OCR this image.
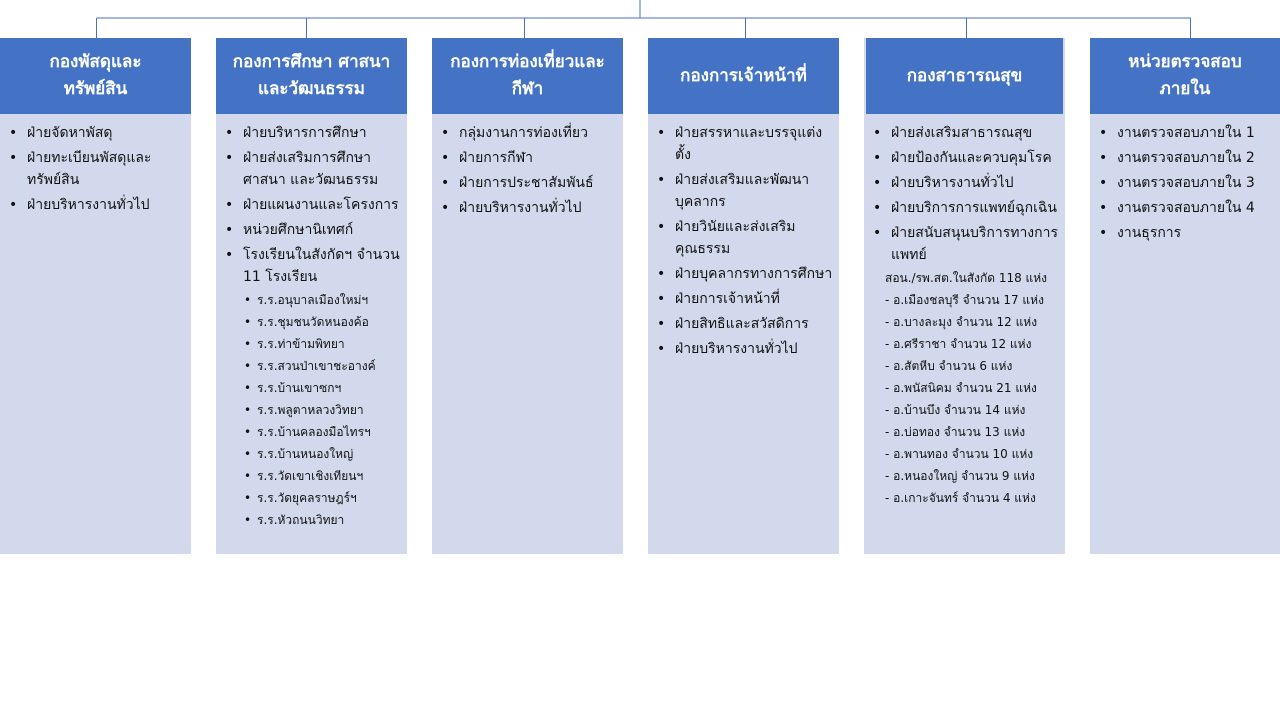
กองพัสดุและ
ทรัพย์สิน
• ฝ่ายจัดหาพัสดุ
• ฝ่ายทะเบียนพัสดุและทรัพย์สิน
• ฝ่ายบริหารงานทั่วไป
กองการศึกษา ศาสนา
และวัฒนธรรม
• ฝ่ายบริหารการศึกษา
• ฝ่ายส่งเสริมการศึกษา ศาสนา และวัฒนธรรม
• ฝ่ายแผนงานและโครงการ
• หน่วยศึกษานิเทศก์
• โรงเรียนในสังกัดฯ จำนวน 11 โรงเรียน
• ร.ร.อนุบาลเมืองใหม่ฯ
• ร.ร.ชุมชนวัดหนองค้อ
• ร.ร.ท่าข้ามพิทยา
• ร.ร.สวนป่าเขาชะอางค์
• ร.ร.บ้านเขาซกฯ
• ร.ร.พลูตาหลวงวิทยา
• ร.ร.บ้านคลองมือไทรฯ
• ร.ร.บ้านหนองใหญ่
• ร.ร.วัดเขาเชิงเทียนฯ
• ร.ร.วัดยุคลราษฎร์ฯ
• ร.ร.หัวถนนวิทยา
กองการท่องเที่ยวและ
กีฬา
• กลุ่มงานการท่องเที่ยว
• ฝ่ายการกีฬา
• ฝ่ายการประชาสัมพันธ์
• ฝ่ายบริหารงานทั่วไป
กองการเจ้าหน้าที่
• ฝ่ายสรรหาและบรรจุแต่งตั้ง
• ฝ่ายส่งเสริมและพัฒนาบุคลากร
• ฝ่ายวินัยและส่งเสริมคุณธรรม
• ฝ่ายบุคลากรทางการศึกษา
• ฝ่ายการเจ้าหน้าที่
• ฝ่ายสิทธิและสวัสดิการ
• ฝ่ายบริหารงานทั่วไป
กองสาธารณสุข
• ฝ่ายส่งเสริมสาธารณสุข
• ฝ่ายป้องกันและควบคุมโรค
• ฝ่ายบริหารงานทั่วไป
• ฝ่ายบริการการแพทย์ฉุกเฉิน
• ฝ่ายสนับสนุนบริการทางการแพทย์
สอน./รพ.สต.ในสังกัด 118 แห่ง
- อ.เมืองชลบุรี จำนวน 17 แห่ง
- อ.บางละมุง จำนวน 12 แห่ง
- อ.ศรีราชา จำนวน 12 แห่ง
- อ.สัตหีบ จำนวน 6 แห่ง
- อ.พนัสนิคม จำนวน 21 แห่ง
- อ.บ้านบึง จำนวน 14 แห่ง
- อ.บ่อทอง จำนวน 13 แห่ง
- อ.พานทอง จำนวน 10 แห่ง
- อ.หนองใหญ่ จำนวน 9 แห่ง
- อ.เกาะจันทร์ จำนวน 4 แห่ง
หน่วยตรวจสอบ
ภายใน
• งานตรวจสอบภายใน 1
• งานตรวจสอบภายใน 2
• งานตรวจสอบภายใน 3
• งานตรวจสอบภายใน 4
• งานธุรการ
